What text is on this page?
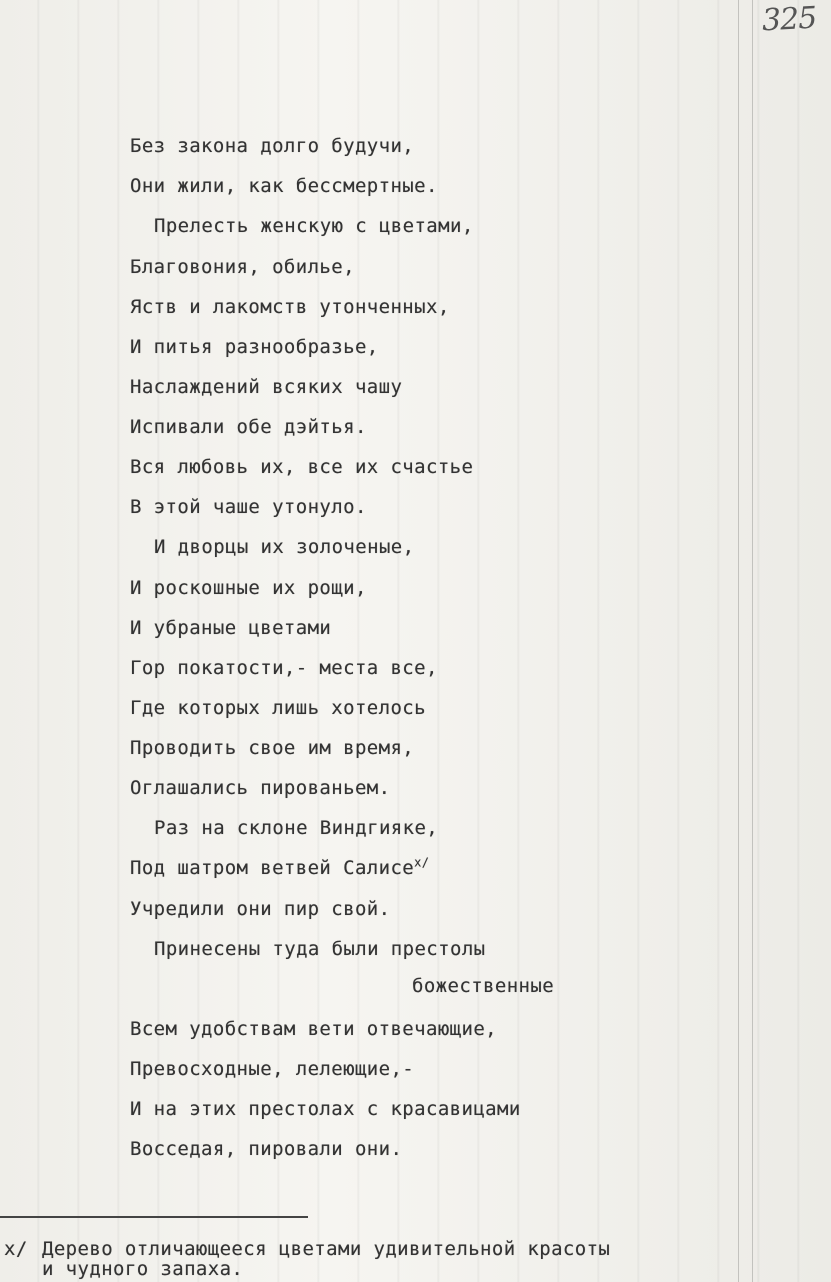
325
Без закона долго будучи,
Они жили, как бессмертные.
Прелесть женскую с цветами,
Благовония, обилье,
Яств и лакомств утонченных,
И питья разнообразье,
Наслаждений всяких чашу
Испивали обе дэйтья.
Вся любовь их, все их счастье
В этой чаше утонуло.
И дворцы их золоченые,
И роскошные их рощи,
И убраные цветами
Гор покатости,- места все,
Где которых лишь хотелось
Проводить свое им время,
Оглашались пированьем.
Раз на склоне Виндгияке,
Под шатром ветвей Салисе$^{х/}$
Учредили они пир свой.
Принесены туда были престолы
божественные
Всем удобствам вети отвечающие,
Превосходные, лелеющие,-
И на этих престолах с красавицами
Восседая, пировали они.
х/ Дерево отличающееся цветами удивительной красоты
и чудного запаха.
